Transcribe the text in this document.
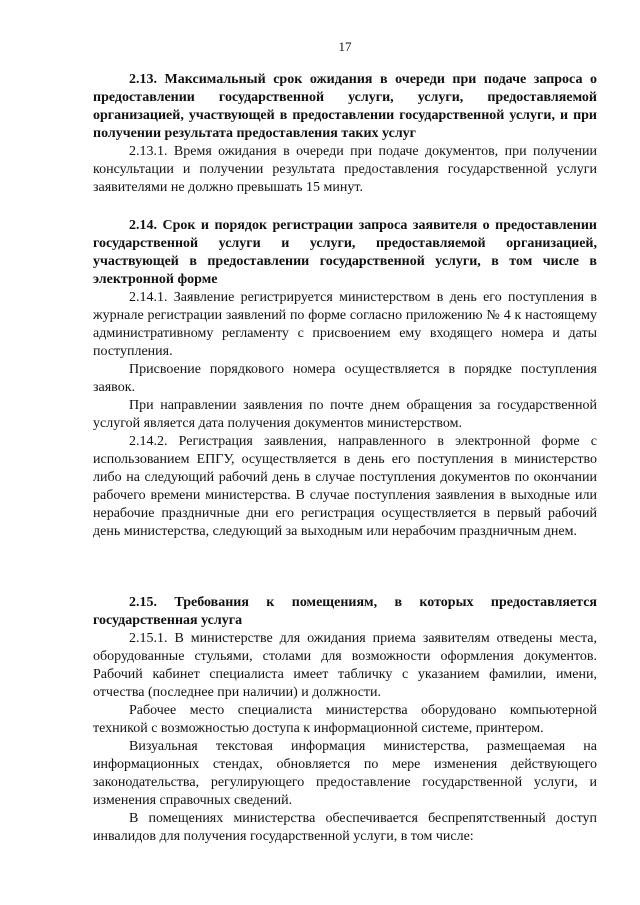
17

2.13. Максимальный срок ожидания в очереди при подаче запроса о предоставлении государственной услуги, услуги, предоставляемой организацией, участвующей в предоставлении государственной услуги, и при получении результата предоставления таких услуг

2.13.1. Время ожидания в очереди при подаче документов, при получении консультации и получении результата предоставления государственной услуги заявителями не должно превышать 15 минут.

2.14. Срок и порядок регистрации запроса заявителя о предоставлении государственной услуги и услуги, предоставляемой организацией, участвующей в предоставлении государственной услуги, в том числе в электронной форме

2.14.1. Заявление регистрируется министерством в день его поступления в журнале регистрации заявлений по форме согласно приложению № 4 к настоящему административному регламенту с присвоением ему входящего номера и даты поступления.

Присвоение порядкового номера осуществляется в порядке поступления заявок.

При направлении заявления по почте днем обращения за государственной услугой является дата получения документов министерством.

2.14.2. Регистрация заявления, направленного в электронной форме с использованием ЕПГУ, осуществляется в день его поступления в министерство либо на следующий рабочий день в случае поступления документов по окончании рабочего времени министерства. В случае поступления заявления в выходные или нерабочие праздничные дни его регистрация осуществляется в первый рабочий день министерства, следующий за выходным или нерабочим праздничным днем.

2.15. Требования к помещениям, в которых предоставляется государственная услуга

2.15.1. В министерстве для ожидания приема заявителям отведены места, оборудованные стульями, столами для возможности оформления документов. Рабочий кабинет специалиста имеет табличку с указанием фамилии, имени, отчества (последнее при наличии) и должности.

Рабочее место специалиста министерства оборудовано компьютерной техникой с возможностью доступа к информационной системе, принтером.

Визуальная текстовая информация министерства, размещаемая на информационных стендах, обновляется по мере изменения действующего законодательства, регулирующего предоставление государственной услуги, и изменения справочных сведений.

В помещениях министерства обеспечивается беспрепятственный доступ инвалидов для получения государственной услуги, в том числе:
